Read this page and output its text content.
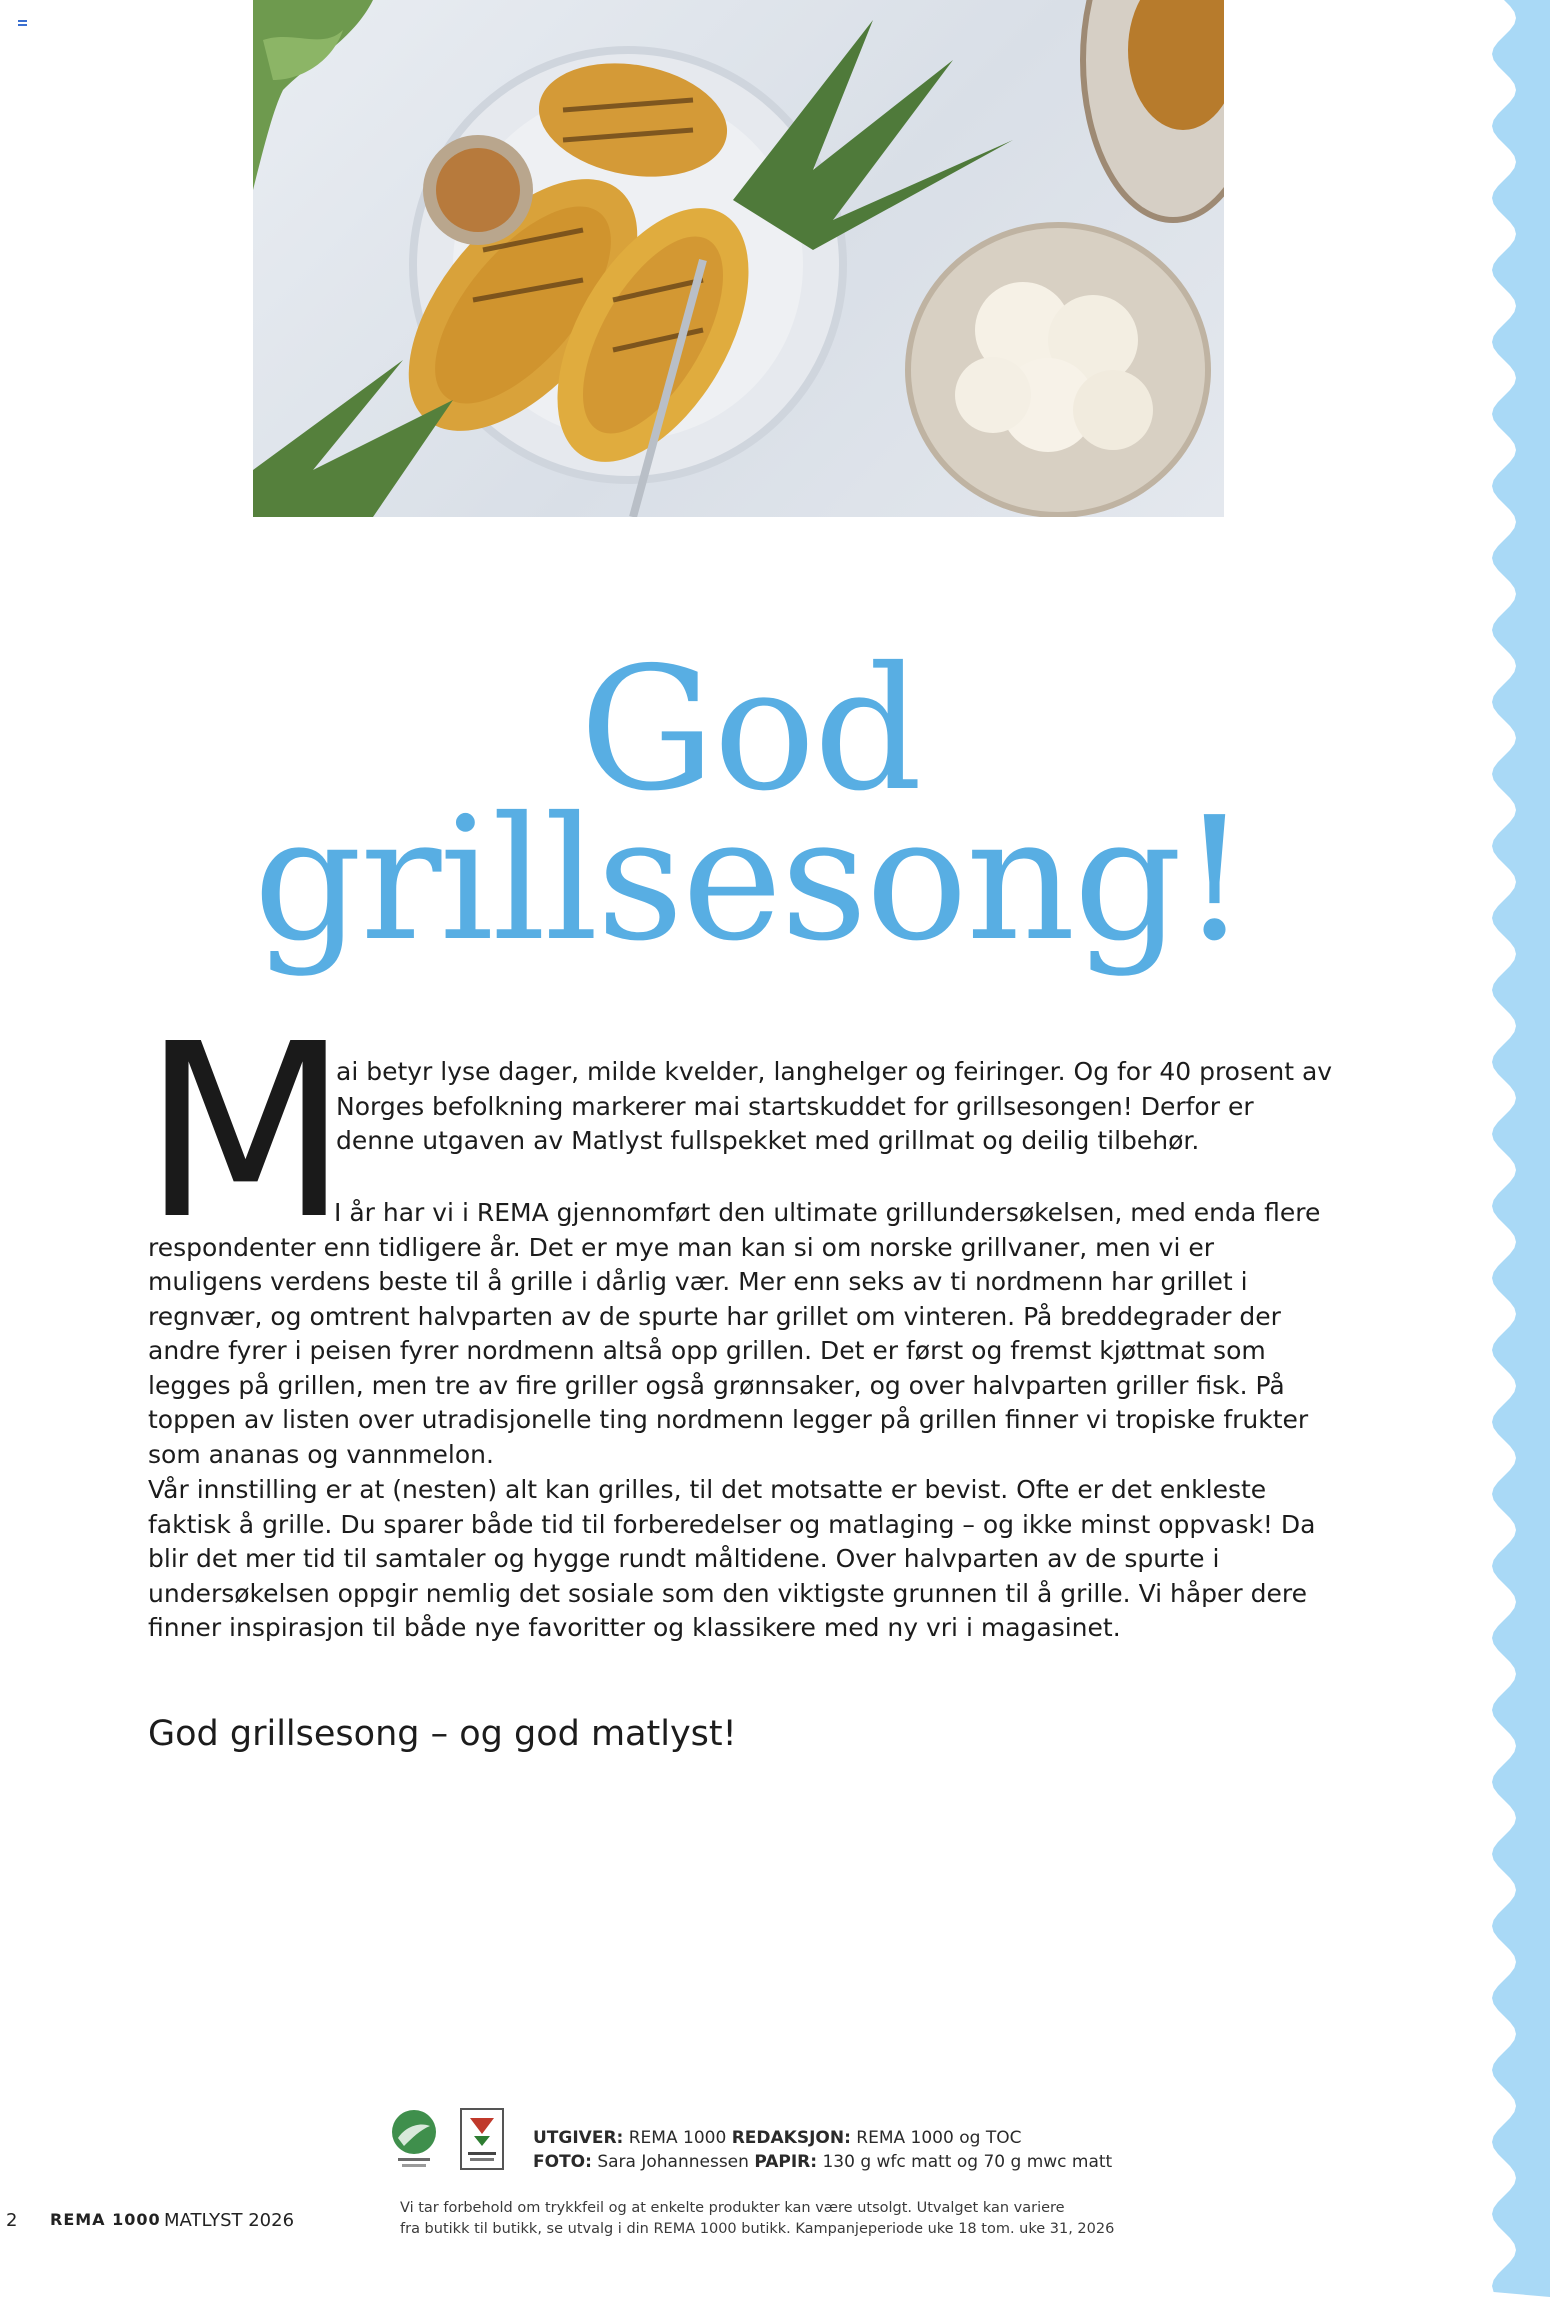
God
grillsesong!
M

ai betyr lyse dager, milde kvelder, langhelger og feiringer. Og for 40 prosent av Norges befolkning markerer mai startskuddet for grillsesongen! Derfor er denne utgaven av Matlyst fullspekket med grillmat og deilig tilbehør.

I år har vi i REMA gjennomført den ultimate grillundersøkelsen, med enda flere respondenter enn tidligere år. Det er mye man kan si om norske grillvaner, men vi er muligens verdens beste til å grille i dårlig vær. Mer enn seks av ti nordmenn har grillet i regnvær, og omtrent halvparten av de spurte har grillet om vinteren. På breddegrader der andre fyrer i peisen fyrer nordmenn altså opp grillen. Det er først og fremst kjøttmat som legges på grillen, men tre av fire griller også grønnsaker, og over halvparten griller fisk. På toppen av listen over utradisjonelle ting nordmenn legger på grillen finner vi tropiske frukter som ananas og vannmelon.

Vår innstilling er at (nesten) alt kan grilles, til det motsatte er bevist. Ofte er det enkleste faktisk å grille. Du sparer både tid til forberedelser og matlaging – og ikke minst oppvask! Da blir det mer tid til samtaler og hygge rundt måltidene. Over halvparten av de spurte i undersøkelsen oppgir nemlig det sosiale som den viktigste grunnen til å grille. Vi håper dere finner inspirasjon til både nye favoritter og klassikere med ny vri i magasinet.

God grillsesong – og god matlyst!

UTGIVER: REMA 1000 REDAKSJON: REMA 1000 og TOC
FOTO: Sara Johannessen PAPIR: 130 g wfc matt og 70 g mwc matt
Vi tar forbehold om trykkfeil og at enkelte produkter kan være utsolgt. Utvalget kan variere
fra butikk til butikk, se utvalg i din REMA 1000 butikk. Kampanjeperiode uke 18 tom. uke 31, 2026
2 REMA 1000 MATLYST 2026
